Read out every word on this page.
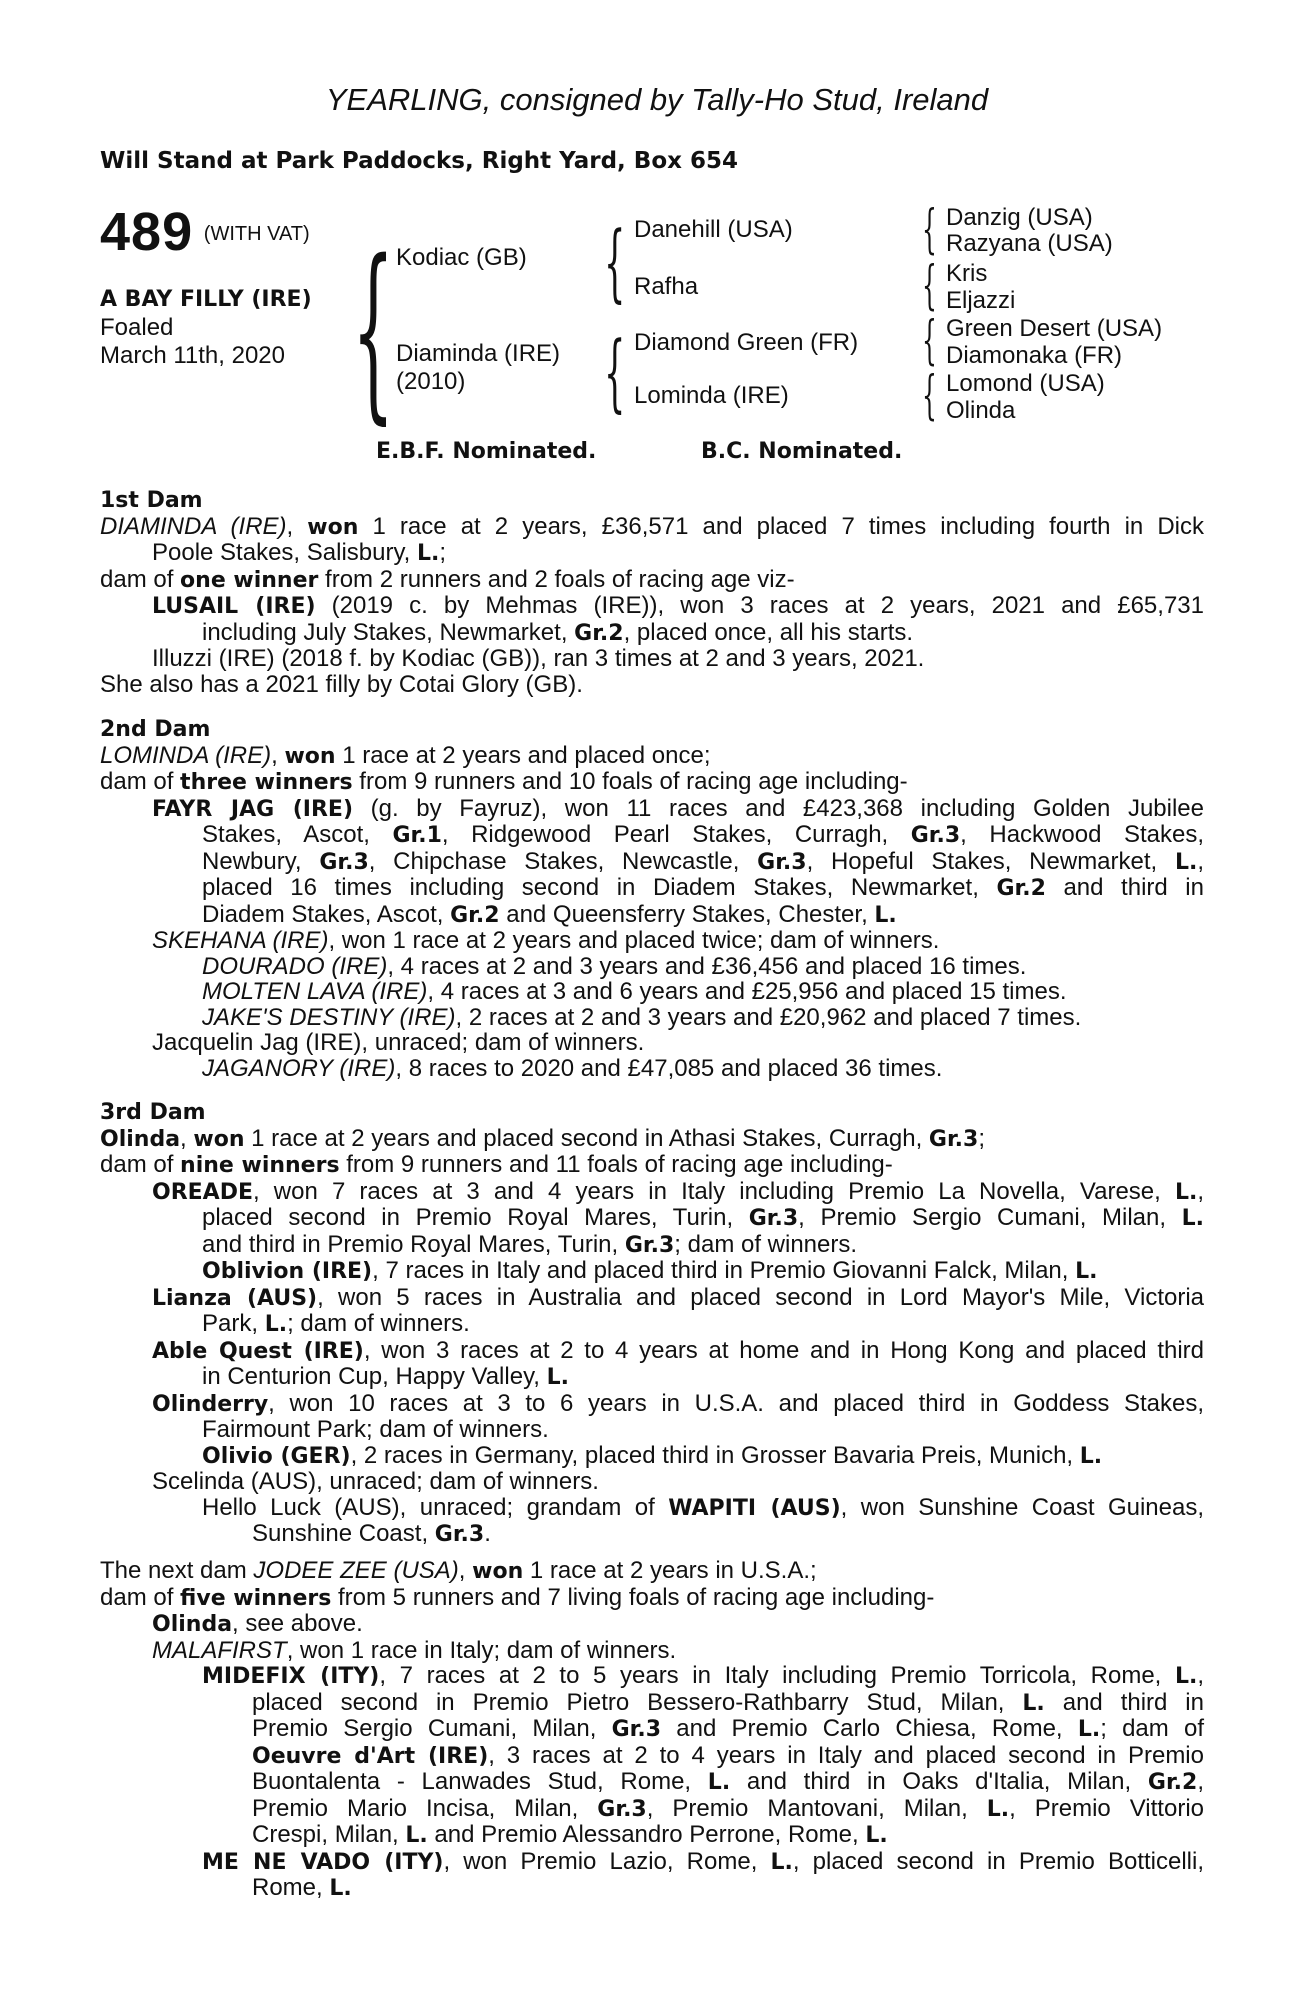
YEARLING, consigned by Tally-Ho Stud, Ireland
Will Stand at Park Paddocks, Right Yard, Box 654
489 $^{(WITH VAT)}$
A BAY FILLY (IRE)
Foaled
March 11th, 2020 { Kodiac (GB)
Diaminda (IRE)
(2010)
{
{
Danehill (USA)
Rafha
Diamond Green (FR)
Lominda (IRE)
{
{
{
{
Danzig (USA)
Razyana (USA)
Kris
Eljazzi
Green Desert (USA)
Diamonaka (FR)
Lomond (USA)
Olinda
E.B.F. Nominated.	B.C. Nominated.
1st Dam
DIAMINDA (IRE), won 1 race at 2 years, £36,571 and placed 7 times including fourth in Dick
Poole Stakes, Salisbury, L.;
dam of one winner from 2 runners and 2 foals of racing age viz-
LUSAIL (IRE) (2019 c. by Mehmas (IRE)), won 3 races at 2 years, 2021 and £65,731
including July Stakes, Newmarket, Gr.2, placed once, all his starts.
Illuzzi (IRE) (2018 f. by Kodiac (GB)), ran 3 times at 2 and 3 years, 2021.
She also has a 2021 filly by Cotai Glory (GB).
2nd Dam
LOMINDA (IRE), won 1 race at 2 years and placed once;
dam of three winners from 9 runners and 10 foals of racing age including-
FAYR JAG (IRE) (g. by Fayruz), won 11 races and £423,368 including Golden Jubilee
Stakes, Ascot, Gr.1, Ridgewood Pearl Stakes, Curragh, Gr.3, Hackwood Stakes,
Newbury, Gr.3, Chipchase Stakes, Newcastle, Gr.3, Hopeful Stakes, Newmarket, L.,
placed 16 times including second in Diadem Stakes, Newmarket, Gr.2 and third in
Diadem Stakes, Ascot, Gr.2 and Queensferry Stakes, Chester, L.
SKEHANA (IRE), won 1 race at 2 years and placed twice; dam of winners.
DOURADO (IRE), 4 races at 2 and 3 years and £36,456 and placed 16 times.
MOLTEN LAVA (IRE), 4 races at 3 and 6 years and £25,956 and placed 15 times.
JAKE'S DESTINY (IRE), 2 races at 2 and 3 years and £20,962 and placed 7 times.
Jacquelin Jag (IRE), unraced; dam of winners.
JAGANORY (IRE), 8 races to 2020 and £47,085 and placed 36 times.
3rd Dam
Olinda, won 1 race at 2 years and placed second in Athasi Stakes, Curragh, Gr.3;
dam of nine winners from 9 runners and 11 foals of racing age including-
OREADE, won 7 races at 3 and 4 years in Italy including Premio La Novella, Varese, L.,
placed second in Premio Royal Mares, Turin, Gr.3, Premio Sergio Cumani, Milan, L.
and third in Premio Royal Mares, Turin, Gr.3; dam of winners.
Oblivion (IRE), 7 races in Italy and placed third in Premio Giovanni Falck, Milan, L.
Lianza (AUS), won 5 races in Australia and placed second in Lord Mayor's Mile, Victoria
Park, L.; dam of winners.
Able Quest (IRE), won 3 races at 2 to 4 years at home and in Hong Kong and placed third
in Centurion Cup, Happy Valley, L.
Olinderry, won 10 races at 3 to 6 years in U.S.A. and placed third in Goddess Stakes,
Fairmount Park; dam of winners.
Olivio (GER), 2 races in Germany, placed third in Grosser Bavaria Preis, Munich, L.
Scelinda (AUS), unraced; dam of winners.
Hello Luck (AUS), unraced; grandam of WAPITI (AUS), won Sunshine Coast Guineas,
Sunshine Coast, Gr.3.
The next dam JODEE ZEE (USA), won 1 race at 2 years in U.S.A.;
dam of five winners from 5 runners and 7 living foals of racing age including-
Olinda, see above.
MALAFIRST, won 1 race in Italy; dam of winners.
MIDEFIX (ITY), 7 races at 2 to 5 years in Italy including Premio Torricola, Rome, L.,
placed second in Premio Pietro Bessero-Rathbarry Stud, Milan, L. and third in
Premio Sergio Cumani, Milan, Gr.3 and Premio Carlo Chiesa, Rome, L.; dam of
Oeuvre d'Art (IRE), 3 races at 2 to 4 years in Italy and placed second in Premio
Buontalenta - Lanwades Stud, Rome, L. and third in Oaks d'Italia, Milan, Gr.2,
Premio Mario Incisa, Milan, Gr.3, Premio Mantovani, Milan, L., Premio Vittorio
Crespi, Milan, L. and Premio Alessandro Perrone, Rome, L.
ME NE VADO (ITY), won Premio Lazio, Rome, L., placed second in Premio Botticelli,
Rome, L.
